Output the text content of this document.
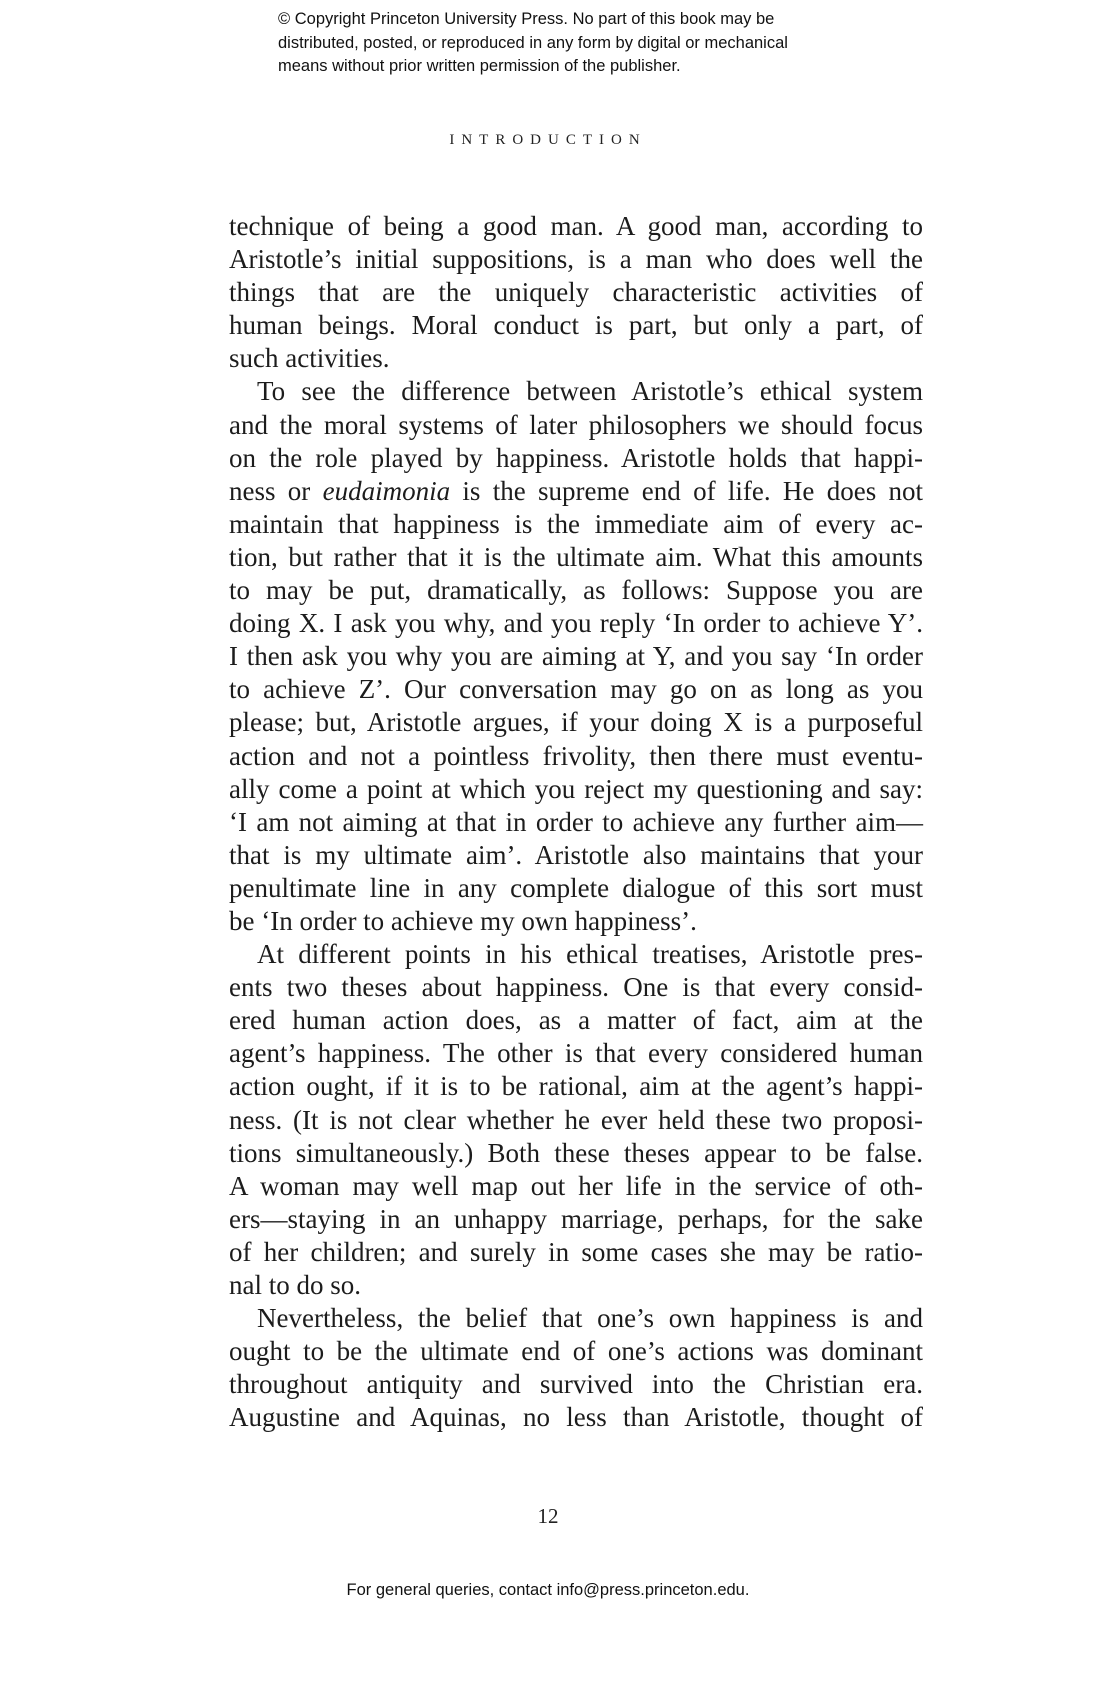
© Copyright Princeton University Press. No part of this book may be
distributed, posted, or reproduced in any form by digital or mechanical
means without prior written permission of the publisher.
INTRODUCTION
technique of being a good man. A good man, according to
Aristotle’s initial suppositions, is a man who does well the
things that are the uniquely characteristic activities of
human beings. Moral conduct is part, but only a part, of
such activities.
To see the difference between Aristotle’s ethical system
and the moral systems of later philosophers we should focus
on the role played by happiness. Aristotle holds that happi-
ness or eudaimonia is the supreme end of life. He does not
maintain that happiness is the immediate aim of every ac-
tion, but rather that it is the ultimate aim. What this amounts
to may be put, dramatically, as follows: Suppose you are
doing X. I ask you why, and you reply ‘In order to achieve Y’.
I then ask you why you are aiming at Y, and you say ‘In order
to achieve Z’. Our conversation may go on as long as you
please; but, Aristotle argues, if your doing X is a purposeful
action and not a pointless frivolity, then there must eventu-
ally come a point at which you reject my questioning and say:
‘I am not aiming at that in order to achieve any further aim—
that is my ultimate aim’. Aristotle also maintains that your
penultimate line in any complete dialogue of this sort must
be ‘In order to achieve my own happiness’.
At different points in his ethical treatises, Aristotle pres-
ents two theses about happiness. One is that every consid-
ered human action does, as a matter of fact, aim at the
agent’s happiness. The other is that every considered human
action ought, if it is to be rational, aim at the agent’s happi-
ness. (It is not clear whether he ever held these two proposi-
tions simultaneously.) Both these theses appear to be false.
A woman may well map out her life in the service of oth-
ers—staying in an unhappy marriage, perhaps, for the sake
of her children; and surely in some cases she may be ratio-
nal to do so.
Nevertheless, the belief that one’s own happiness is and
ought to be the ultimate end of one’s actions was dominant
throughout antiquity and survived into the Christian era.
Augustine and Aquinas, no less than Aristotle, thought of
12
For general queries, contact info@press.princeton.edu.
